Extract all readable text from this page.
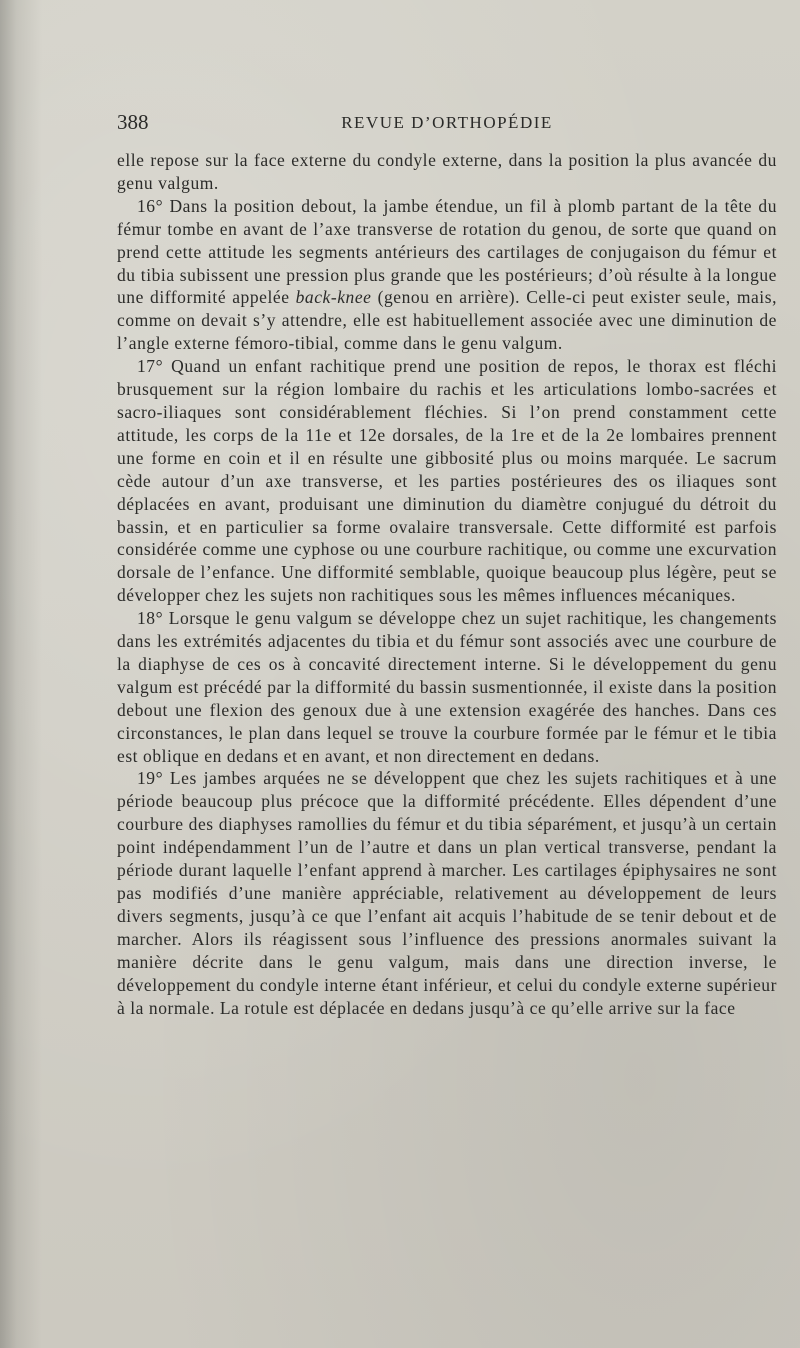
388	REVUE D’ORTHOPÉDIE

elle repose sur la face externe du condyle externe, dans la position la plus avancée du genu valgum.

16° Dans la position debout, la jambe étendue, un fil à plomb partant de la tête du fémur tombe en avant de l’axe transverse de rotation du genou, de sorte que quand on prend cette attitude les segments antérieurs des cartilages de conjugaison du fémur et du tibia subissent une pression plus grande que les postérieurs; d’où résulte à la longue une difformité appelée back-knee (genou en arrière). Celle-ci peut exister seule, mais, comme on devait s’y attendre, elle est habituellement associée avec une diminution de l’angle externe fémoro-tibial, comme dans le genu valgum.

17° Quand un enfant rachitique prend une position de repos, le thorax est fléchi brusquement sur la région lombaire du rachis et les articulations lombo-sacrées et sacro-iliaques sont considérablement fléchies. Si l’on prend constamment cette attitude, les corps de la 11e et 12e dorsales, de la 1re et de la 2e lombaires prennent une forme en coin et il en résulte une gibbosité plus ou moins marquée. Le sacrum cède autour d’un axe transverse, et les parties postérieures des os iliaques sont déplacées en avant, produisant une diminution du diamètre conjugué du détroit du bassin, et en particulier sa forme ovalaire transversale. Cette difformité est parfois considérée comme une cyphose ou une courbure rachitique, ou comme une excurvation dorsale de l’enfance. Une difformité semblable, quoique beaucoup plus légère, peut se développer chez les sujets non rachitiques sous les mêmes influences mécaniques.

18° Lorsque le genu valgum se développe chez un sujet rachitique, les changements dans les extrémités adjacentes du tibia et du fémur sont associés avec une courbure de la diaphyse de ces os à concavité directement interne. Si le développement du genu valgum est précédé par la difformité du bassin susmentionnée, il existe dans la position debout une flexion des genoux due à une extension exagérée des hanches. Dans ces circonstances, le plan dans lequel se trouve la courbure formée par le fémur et le tibia est oblique en dedans et en avant, et non directement en dedans.

19° Les jambes arquées ne se développent que chez les sujets rachitiques et à une période beaucoup plus précoce que la difformité précédente. Elles dépendent d’une courbure des diaphyses ramollies du fémur et du tibia séparément, et jusqu’à un certain point indépendamment l’un de l’autre et dans un plan vertical transverse, pendant la période durant laquelle l’enfant apprend à marcher. Les cartilages épiphysaires ne sont pas modifiés d’une manière appréciable, relativement au développement de leurs divers segments, jusqu’à ce que l’enfant ait acquis l’habitude de se tenir debout et de marcher. Alors ils réagissent sous l’influence des pressions anormales suivant la manière décrite dans le genu valgum, mais dans une direction inverse, le développement du condyle interne étant inférieur, et celui du condyle externe supérieur à la normale. La rotule est déplacée en dedans jusqu’à ce qu’elle arrive sur la face
